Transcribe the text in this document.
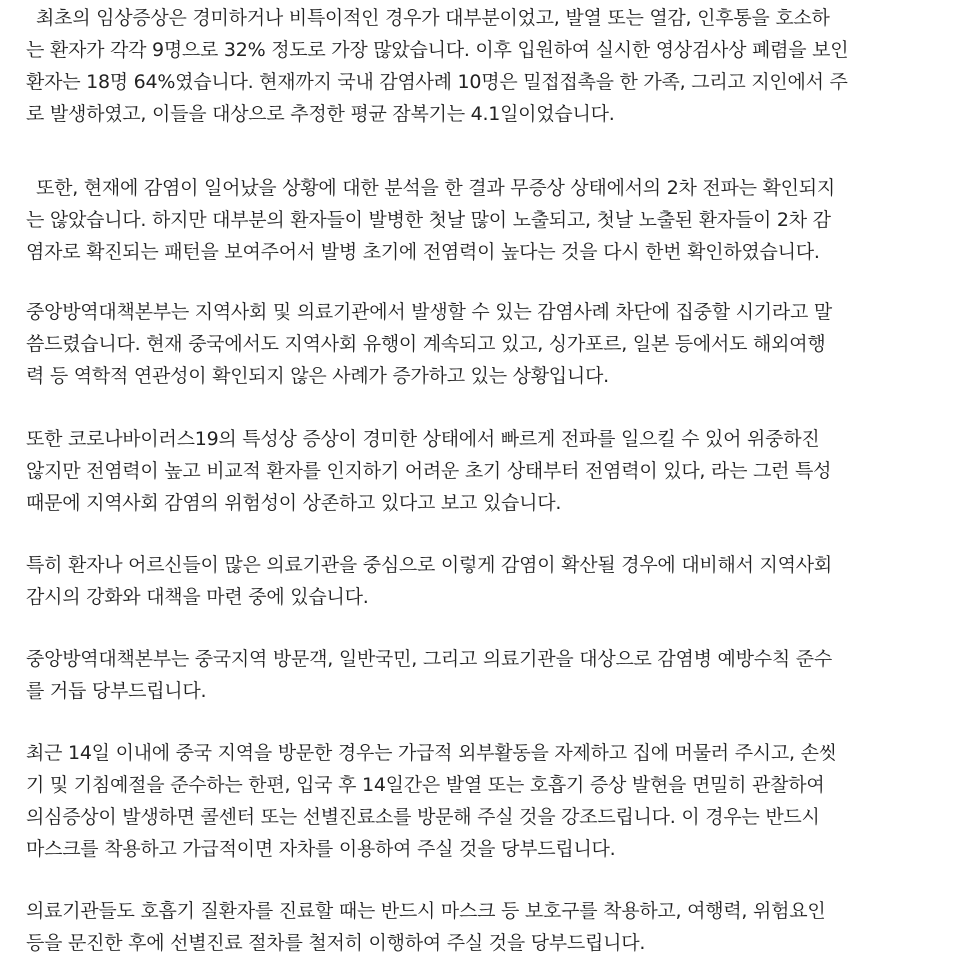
최초의 임상증상은 경미하거나 비특이적인 경우가 대부분이었고, 발열 또는 열감, 인후통을 호소하
는 환자가 각각 9명으로 32% 정도로 가장 많았습니다. 이후 입원하여 실시한 영상검사상 폐렴을 보인
환자는 18명 64%였습니다. 현재까지 국내 감염사례 10명은 밀접접촉을 한 가족, 그리고 지인에서 주
로 발생하였고, 이들을 대상으로 추정한 평균 잠복기는 4.1일이었습니다.
또한, 현재에 감염이 일어났을 상황에 대한 분석을 한 결과 무증상 상태에서의 2차 전파는 확인되지
는 않았습니다. 하지만 대부분의 환자들이 발병한 첫날 많이 노출되고, 첫날 노출된 환자들이 2차 감
염자로 확진되는 패턴을 보여주어서 발병 초기에 전염력이 높다는 것을 다시 한번 확인하였습니다.
중앙방역대책본부는 지역사회 및 의료기관에서 발생할 수 있는 감염사례 차단에 집중할 시기라고 말
씀드렸습니다. 현재 중국에서도 지역사회 유행이 계속되고 있고, 싱가포르, 일본 등에서도 해외여행
력 등 역학적 연관성이 확인되지 않은 사례가 증가하고 있는 상황입니다.
또한 코로나바이러스19의 특성상 증상이 경미한 상태에서 빠르게 전파를 일으킬 수 있어 위중하진
않지만 전염력이 높고 비교적 환자를 인지하기 어려운 초기 상태부터 전염력이 있다, 라는 그런 특성
때문에 지역사회 감염의 위험성이 상존하고 있다고 보고 있습니다.
특히 환자나 어르신들이 많은 의료기관을 중심으로 이렇게 감염이 확산될 경우에 대비해서 지역사회
감시의 강화와 대책을 마련 중에 있습니다.
중앙방역대책본부는 중국지역 방문객, 일반국민, 그리고 의료기관을 대상으로 감염병 예방수칙 준수
를 거듭 당부드립니다.
최근 14일 이내에 중국 지역을 방문한 경우는 가급적 외부활동을 자제하고 집에 머물러 주시고, 손씻
기 및 기침예절을 준수하는 한편, 입국 후 14일간은 발열 또는 호흡기 증상 발현을 면밀히 관찰하여
의심증상이 발생하면 콜센터 또는 선별진료소를 방문해 주실 것을 강조드립니다. 이 경우는 반드시
마스크를 착용하고 가급적이면 자차를 이용하여 주실 것을 당부드립니다.
의료기관들도 호흡기 질환자를 진료할 때는 반드시 마스크 등 보호구를 착용하고, 여행력, 위험요인
등을 문진한 후에 선별진료 절차를 철저히 이행하여 주실 것을 당부드립니다.
